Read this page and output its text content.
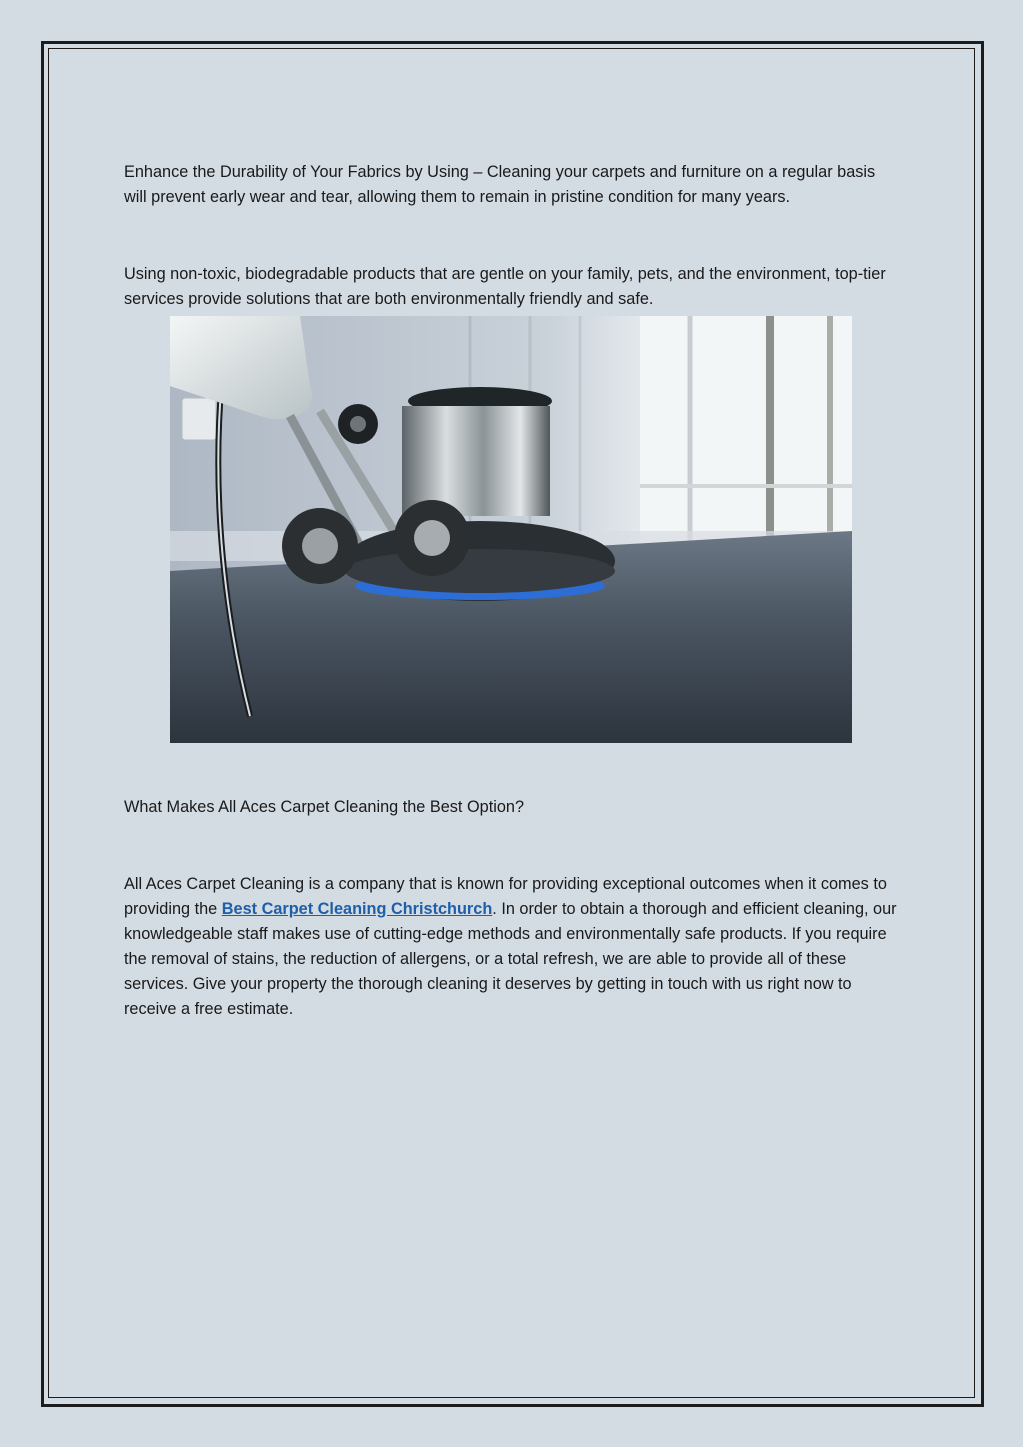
Enhance the Durability of Your Fabrics by Using – Cleaning your carpets and furniture on a regular basis will prevent early wear and tear, allowing them to remain in pristine condition for many years.

Using non-toxic, biodegradable products that are gentle on your family, pets, and the environment, top-tier services provide solutions that are both environmentally friendly and safe.

What Makes All Aces Carpet Cleaning the Best Option?

All Aces Carpet Cleaning is a company that is known for providing exceptional outcomes when it comes to providing the Best Carpet Cleaning Christchurch. In order to obtain a thorough and efficient cleaning, our knowledgeable staff makes use of cutting-edge methods and environmentally safe products. If you require the removal of stains, the reduction of allergens, or a total refresh, we are able to provide all of these services. Give your property the thorough cleaning it deserves by getting in touch with us right now to receive a free estimate.
